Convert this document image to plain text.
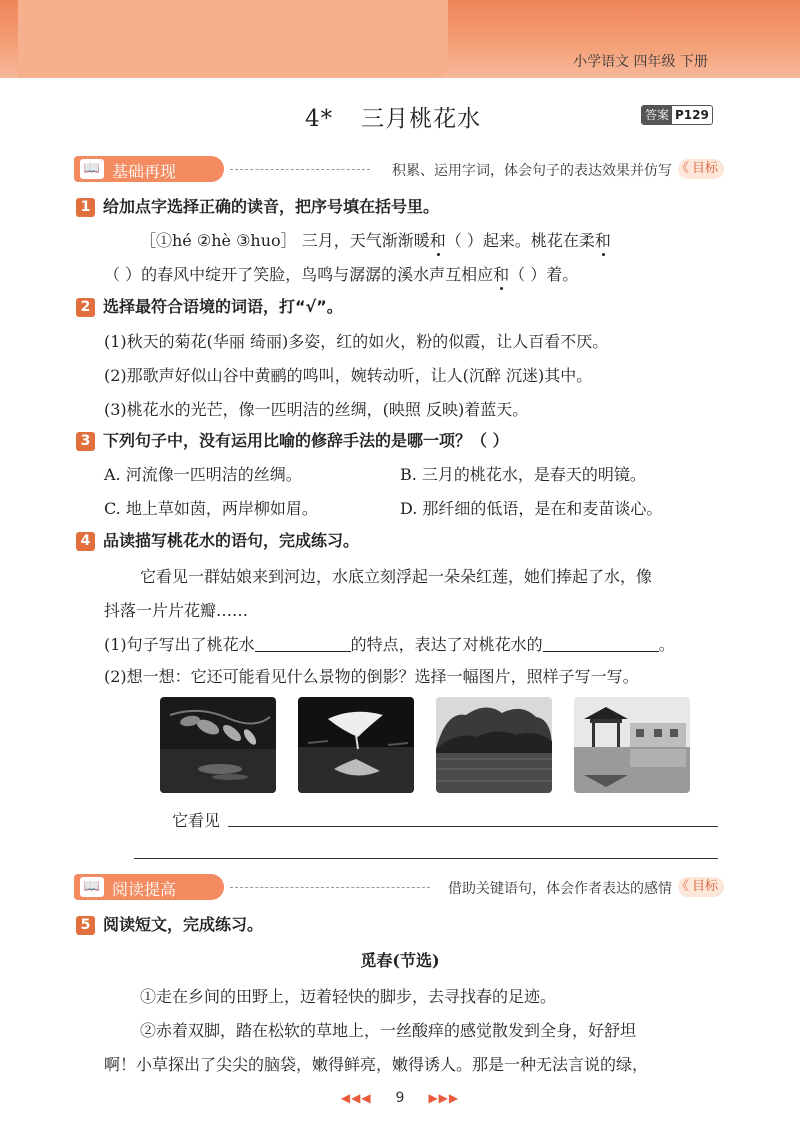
小学语文 四年级 下册
4* 三月桃花水	答案 P129
📖 基础再现	积累、运用字词，体会句子的表达效果并仿写	《 目标
1 给加点字选择正确的读音，把序号填在括号里。
［①hé ②hè ③huo］ 三月，天气渐渐暖和（ ）起来。桃花在柔和
（ ）的春风中绽开了笑脸，鸟鸣与潺潺的溪水声互相应和（ ）着。
2 选择最符合语境的词语，打“√”。
(1)秋天的菊花(华丽 绮丽)多姿，红的如火，粉的似霞，让人百看不厌。
(2)那歌声好似山谷中黄鹂的鸣叫，婉转动听，让人(沉醉 沉迷)其中。
(3)桃花水的光芒，像一匹明洁的丝绸，(映照 反映)着蓝天。
3 下列句子中，没有运用比喻的修辞手法的是哪一项？（ ）
A. 河流像一匹明洁的丝绸。	B. 三月的桃花水，是春天的明镜。
C. 地上草如茵，两岸柳如眉。	D. 那纤细的低语，是在和麦苗谈心。
4 品读描写桃花水的语句，完成练习。
它看见一群姑娘来到河边，水底立刻浮起一朵朵红莲，她们捧起了水，像
抖落一片片花瓣……
(1)句子写出了桃花水	的特点，表达了对桃花水的	。
(2)想一想：它还可能看见什么景物的倒影？选择一幅图片，照样子写一写。
它看见
📖 阅读提高	借助关键语句，体会作者表达的感情	《 目标
5 阅读短文，完成练习。
觅春(节选)
①走在乡间的田野上，迈着轻快的脚步，去寻找春的足迹。
②赤着双脚，踏在松软的草地上，一丝酸痒的感觉散发到全身，好舒坦
啊！小草探出了尖尖的脑袋，嫩得鲜亮，嫩得诱人。那是一种无法言说的绿，
◀◀◀ 9 ▶▶▶
